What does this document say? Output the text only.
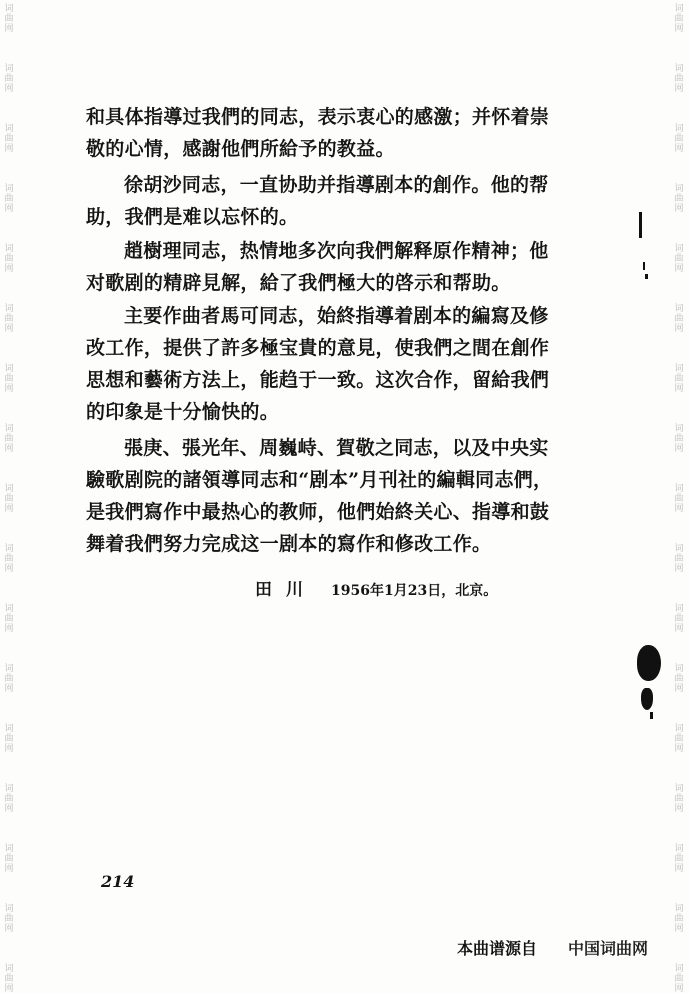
词
曲
网
词
曲
网
词
曲
网
词
曲
网
词
曲
网
词
曲
网
词
曲
网
词
曲
网
词
曲
网
词
曲
网
词
曲
网
词
曲
网
词
曲
网
词
曲
网
词
曲
网
词
曲
网
词
曲
网
词
曲
网
词
曲
网
词
曲
网
词
曲
网
词
曲
网
词
曲
网
词
曲
网
词
曲
网
词
曲
网
词
曲
网
词
曲
网
词
曲
网
词
曲
网
词
曲
网
词
曲
网
词
曲
网
词
曲
网
和具体指導过我們的同志，表示衷心的感激；并怀着崇
敬的心情，感謝他們所給予的教益。
徐胡沙同志，一直协助并指導剧本的創作。他的帮
助，我們是难以忘怀的。
趙樹理同志，热情地多次向我們解释原作精神；他
对歌剧的精辟見解，給了我們極大的啓示和帮助。
主要作曲者馬可同志，始終指導着剧本的編寫及修
改工作，提供了許多極宝貴的意見，使我們之間在創作
思想和藝術方法上，能趋于一致。这次合作，留給我們
的印象是十分愉快的。
張庚、張光年、周巍峙、賀敬之同志，以及中央实
驗歌剧院的諸領導同志和“剧本”月刊社的編輯同志們，
是我們寫作中最热心的教师，他們始終关心、指導和鼓
舞着我們努力完成这一剧本的寫作和修改工作。
田川 1956年1月23日，北京。
214
本曲谱源自 中国词曲网
